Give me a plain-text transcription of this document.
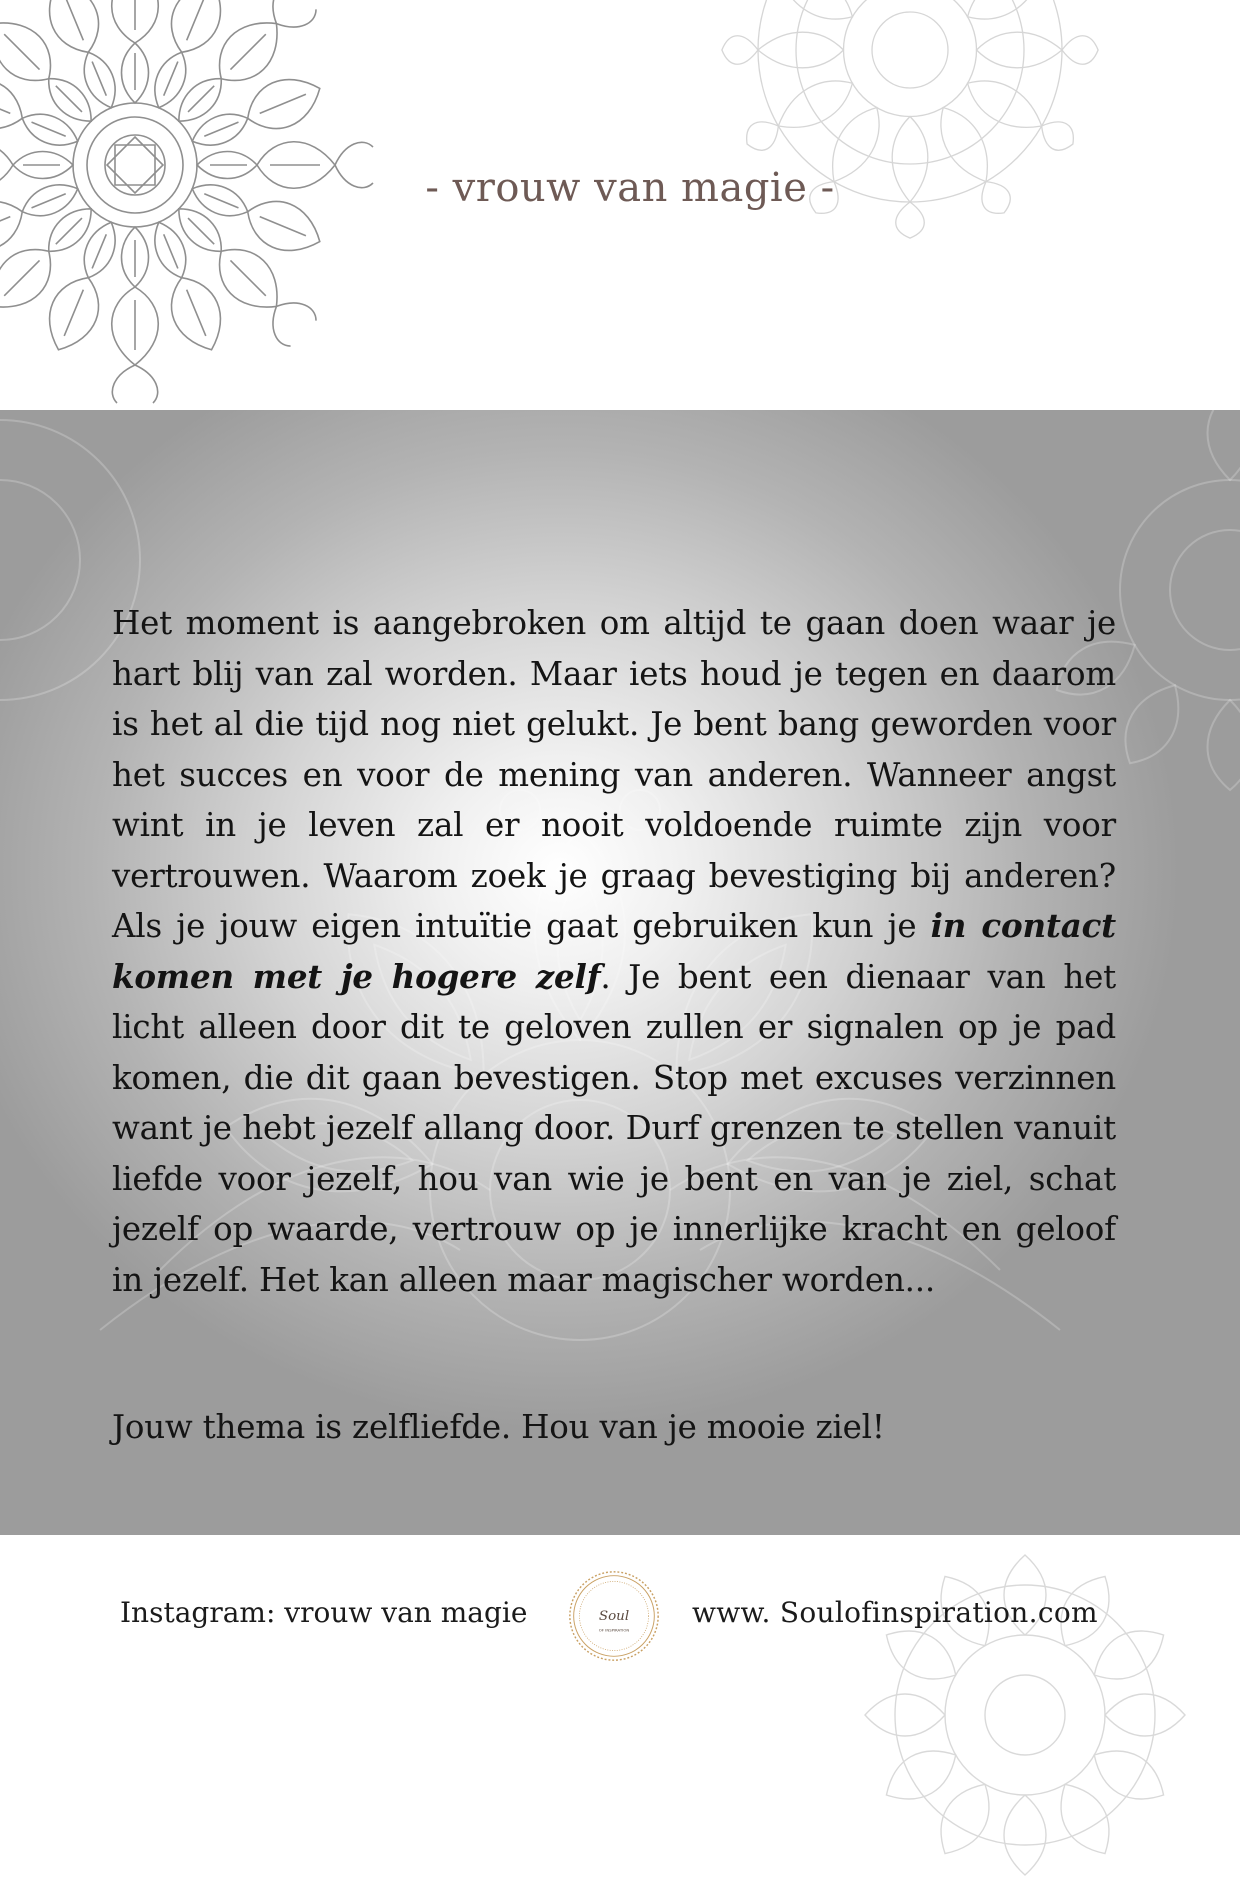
- vrouw van magie -
Het moment is aangebroken om altijd te gaan doen waar je hart blij van zal worden. Maar iets houd je tegen en daarom is het al die tijd nog niet gelukt. Je bent bang geworden voor het succes en voor de mening van anderen. Wanneer angst wint in je leven zal er nooit voldoende ruimte zijn voor vertrouwen. Waarom zoek je graag bevestiging bij anderen? Als je jouw eigen intuïtie gaat gebruiken kun je in contact komen met je hogere zelf. Je bent een dienaar van het licht alleen door dit te geloven zullen er signalen op je pad komen, die dit gaan bevestigen. Stop met excuses verzinnen want je hebt jezelf allang door. Durf grenzen te stellen vanuit liefde voor jezelf, hou van wie je bent en van je ziel, schat jezelf op waarde, vertrouw op je innerlijke kracht en geloof in jezelf. Het kan alleen maar magischer worden...
Jouw thema is zelfliefde. Hou van je mooie ziel!
Instagram: vrouw van magie	Soul
OF INSPIRATION
www. Soulofinspiration.com
